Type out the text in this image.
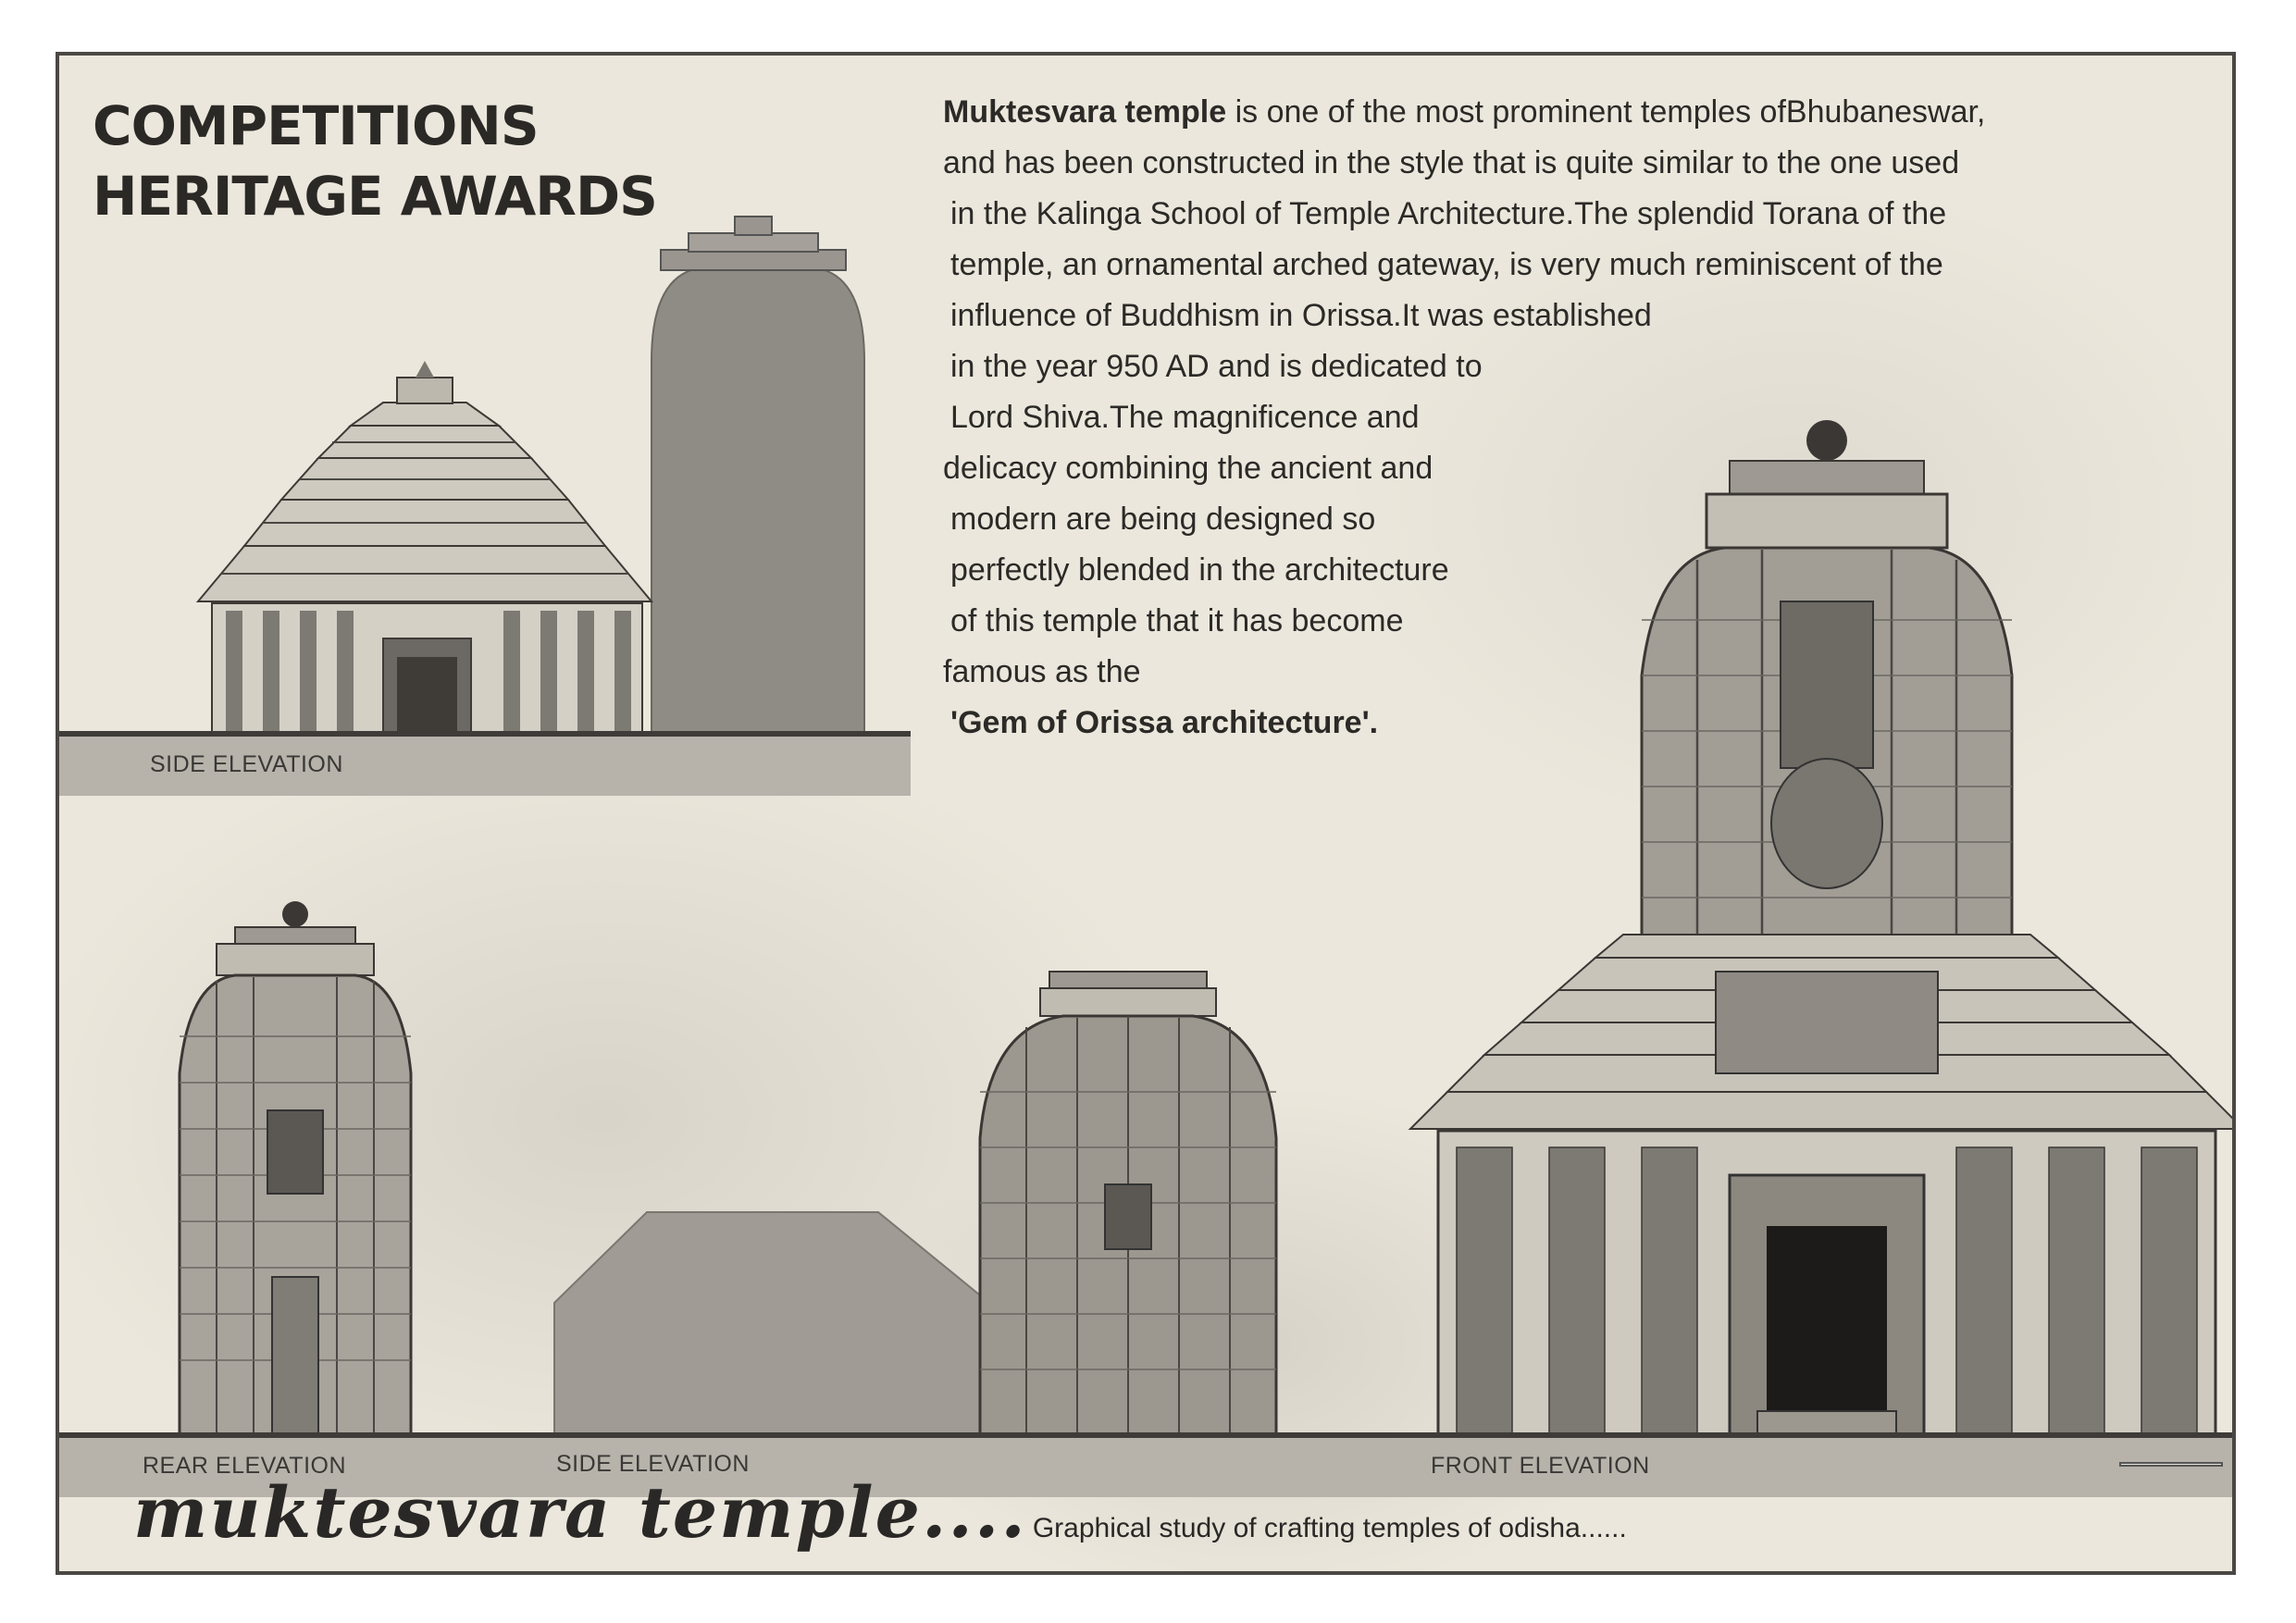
COMPETITIONS
HERITAGE AWARDS
Muktesvara temple is one of the most prominent temples ofBhubaneswar,
and has been constructed in the style that is quite similar to the one used
in the Kalinga School of Temple Architecture.The splendid Torana of the
temple, an ornamental arched gateway, is very much reminiscent of the
influence of Buddhism in Orissa.It was established
in the year 950 AD and is dedicated to
Lord Shiva.The magnificence and
delicacy combining the ancient and
modern are being designed so
perfectly blended in the architecture
of this temple that it has become
famous as the
'Gem of Orissa architecture'.
SIDE ELEVATION
REAR ELEVATION	SIDE ELEVATION	FRONT ELEVATION
muktesvara temple.... Graphical study of crafting temples of odisha......
